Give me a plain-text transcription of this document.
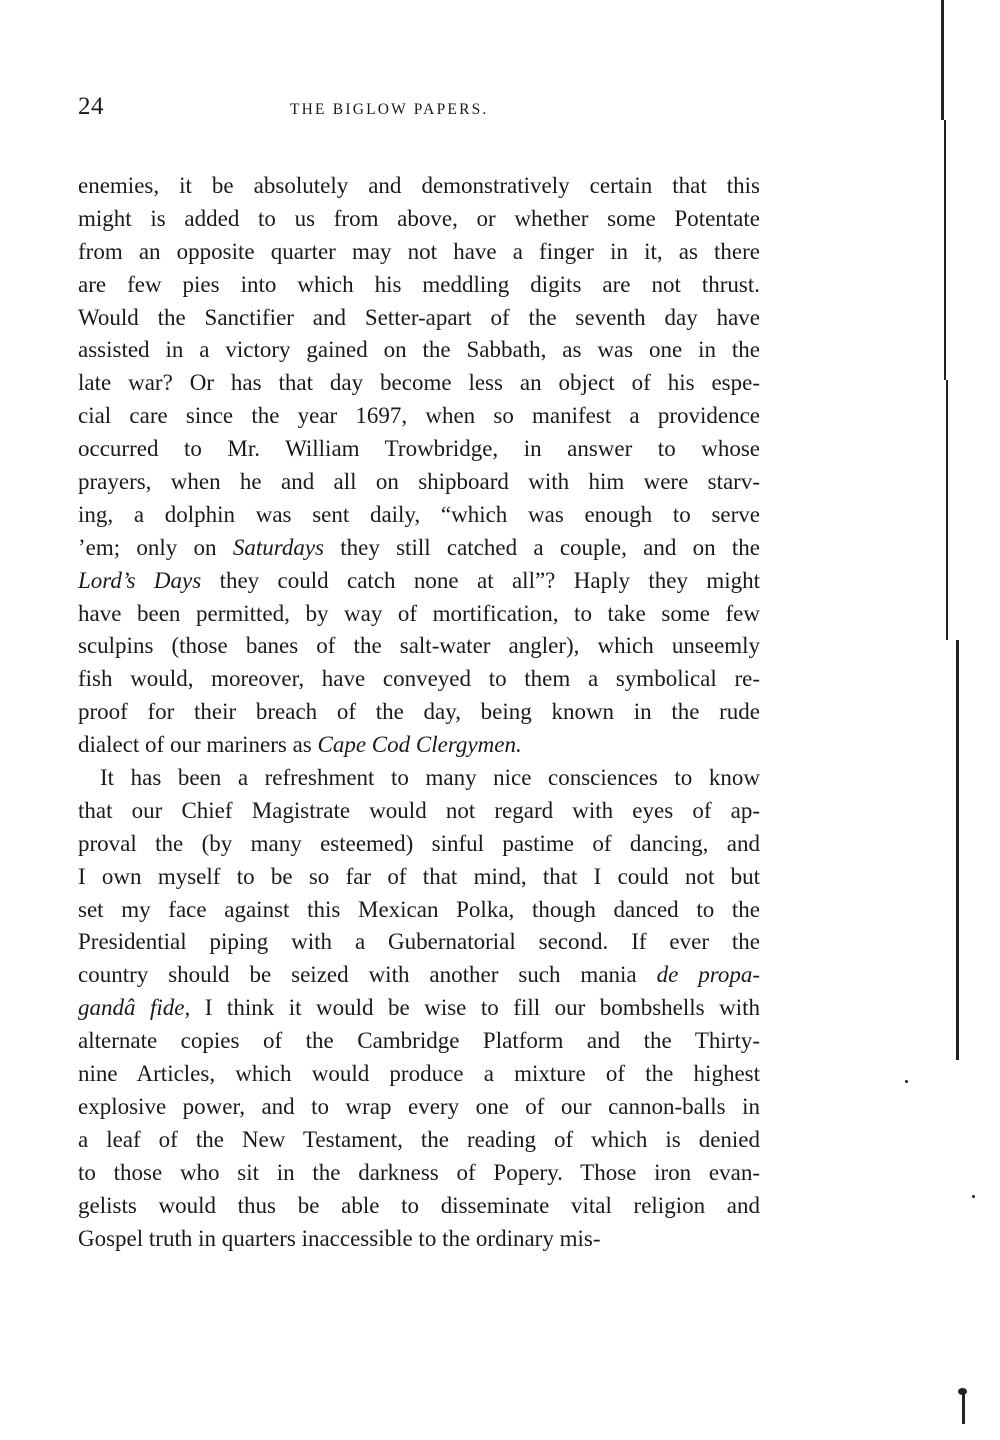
24	THE BIGLOW PAPERS.
enemies, it be absolutely and demonstratively certain that this
might is added to us from above, or whether some Potentate
from an opposite quarter may not have a finger in it, as there
are few pies into which his meddling digits are not thrust.
Would the Sanctifier and Setter-apart of the seventh day have
assisted in a victory gained on the Sabbath, as was one in the
late war? Or has that day become less an object of his espe-
cial care since the year 1697, when so manifest a providence
occurred to Mr. William Trowbridge, in answer to whose
prayers, when he and all on shipboard with him were starv-
ing, a dolphin was sent daily, “which was enough to serve
’em; only on Saturdays they still catched a couple, and on the
Lord’s Days they could catch none at all”? Haply they might
have been permitted, by way of mortification, to take some few
sculpins (those banes of the salt-water angler), which unseemly
fish would, moreover, have conveyed to them a symbolical re-
proof for their breach of the day, being known in the rude
dialect of our mariners as Cape Cod Clergymen.
It has been a refreshment to many nice consciences to know
that our Chief Magistrate would not regard with eyes of ap-
proval the (by many esteemed) sinful pastime of dancing, and
I own myself to be so far of that mind, that I could not but
set my face against this Mexican Polka, though danced to the
Presidential piping with a Gubernatorial second. If ever the
country should be seized with another such mania de propa-
gandâ fide, I think it would be wise to fill our bombshells with
alternate copies of the Cambridge Platform and the Thirty-
nine Articles, which would produce a mixture of the highest
explosive power, and to wrap every one of our cannon-balls in
a leaf of the New Testament, the reading of which is denied
to those who sit in the darkness of Popery. Those iron evan-
gelists would thus be able to disseminate vital religion and
Gospel truth in quarters inaccessible to the ordinary mis-
